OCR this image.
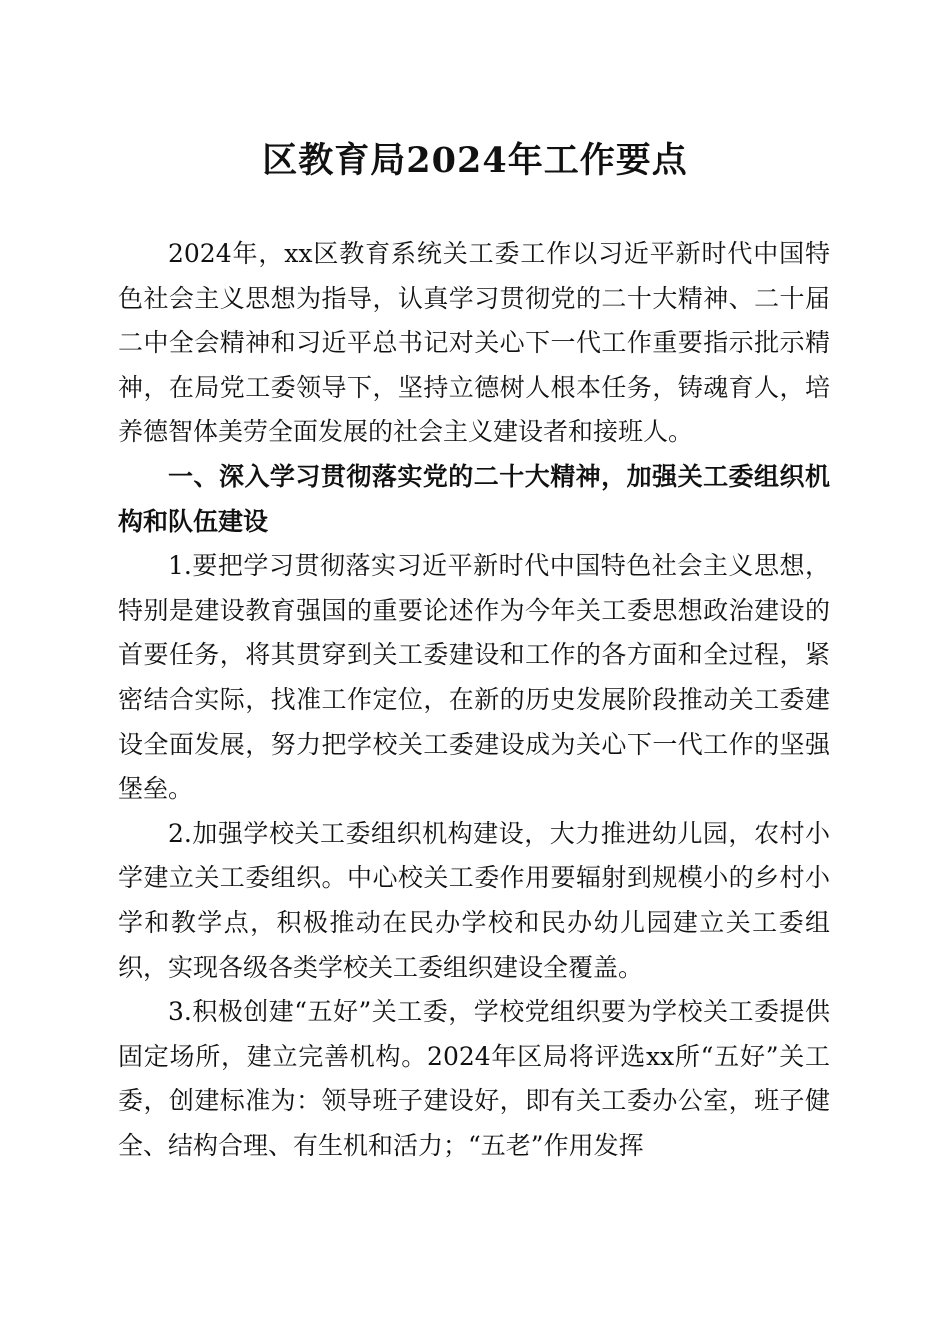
区教育局2024年工作要点

2024年，xx区教育系统关工委工作以习近平新时代中国特色社会主义思想为指导，认真学习贯彻党的二十大精神、二十届二中全会精神和习近平总书记对关心下一代工作重要指示批示精神，在局党工委领导下，坚持立德树人根本任务，铸魂育人，培养德智体美劳全面发展的社会主义建设者和接班人。

一、深入学习贯彻落实党的二十大精神，加强关工委组织机构和队伍建设

1.要把学习贯彻落实习近平新时代中国特色社会主义思想，特别是建设教育强国的重要论述作为今年关工委思想政治建设的首要任务，将其贯穿到关工委建设和工作的各方面和全过程，紧密结合实际，找准工作定位，在新的历史发展阶段推动关工委建设全面发展，努力把学校关工委建设成为关心下一代工作的坚强堡垒。

2.加强学校关工委组织机构建设，大力推进幼儿园，农村小学建立关工委组织。中心校关工委作用要辐射到规模小的乡村小学和教学点，积极推动在民办学校和民办幼儿园建立关工委组织，实现各级各类学校关工委组织建设全覆盖。

3.积极创建“五好”关工委，学校党组织要为学校关工委提供固定场所，建立完善机构。2024年区局将评选xx所“五好”关工委，创建标准为：领导班子建设好，即有关工委办公室，班子健全、结构合理、有生机和活力；“五老”作用发挥
